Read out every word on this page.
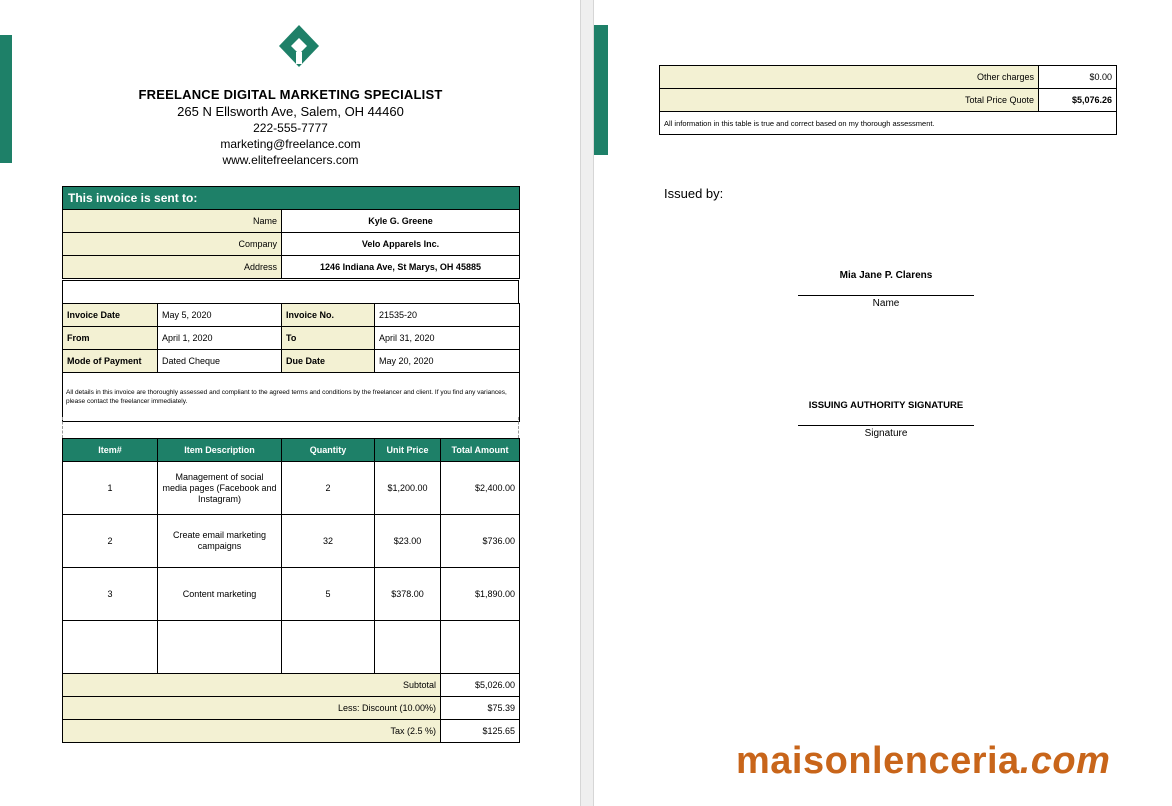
FREELANCE DIGITAL MARKETING SPECIALIST
265 N Ellsworth Ave, Salem, OH 44460
222-555-7777
marketing@freelance.com
www.elitefreelancers.com
This invoice is sent to:	
Name	Kyle G. Greene
Company	Velo Apparels Inc.
Address	1246 Indiana Ave, St Marys, OH 45885
Invoice Date	May 5, 2020	Invoice No.	21535-20
From	April 1, 2020	To	April 31, 2020
Mode of Payment	Dated Cheque	Due Date	May 20, 2020
All details in this invoice are thoroughly assessed and compliant to the agreed terms and conditions by the freelancer and client. If you find any variances, please contact the freelancer immediately.			
Item#	Item Description	Quantity	Unit Price	Total Amount
1	Management of social media pages (Facebook and Instagram)	2	$1,200.00	$2,400.00
2	Create email marketing campaigns	32	$23.00	$736.00
3	Content marketing	5	$378.00	$1,890.00

Subtotal				$5,026.00
Less: Discount (10.00%)				$75.39
Tax (2.5 %)				$125.65
Other charges	$0.00
Total Price Quote	$5,076.26
All information in this table is true and correct based on my thorough assessment.	
Issued by:
Mia Jane P. Clarens
Name
ISSUING AUTHORITY SIGNATURE
Signature
maisonlenceria.com
